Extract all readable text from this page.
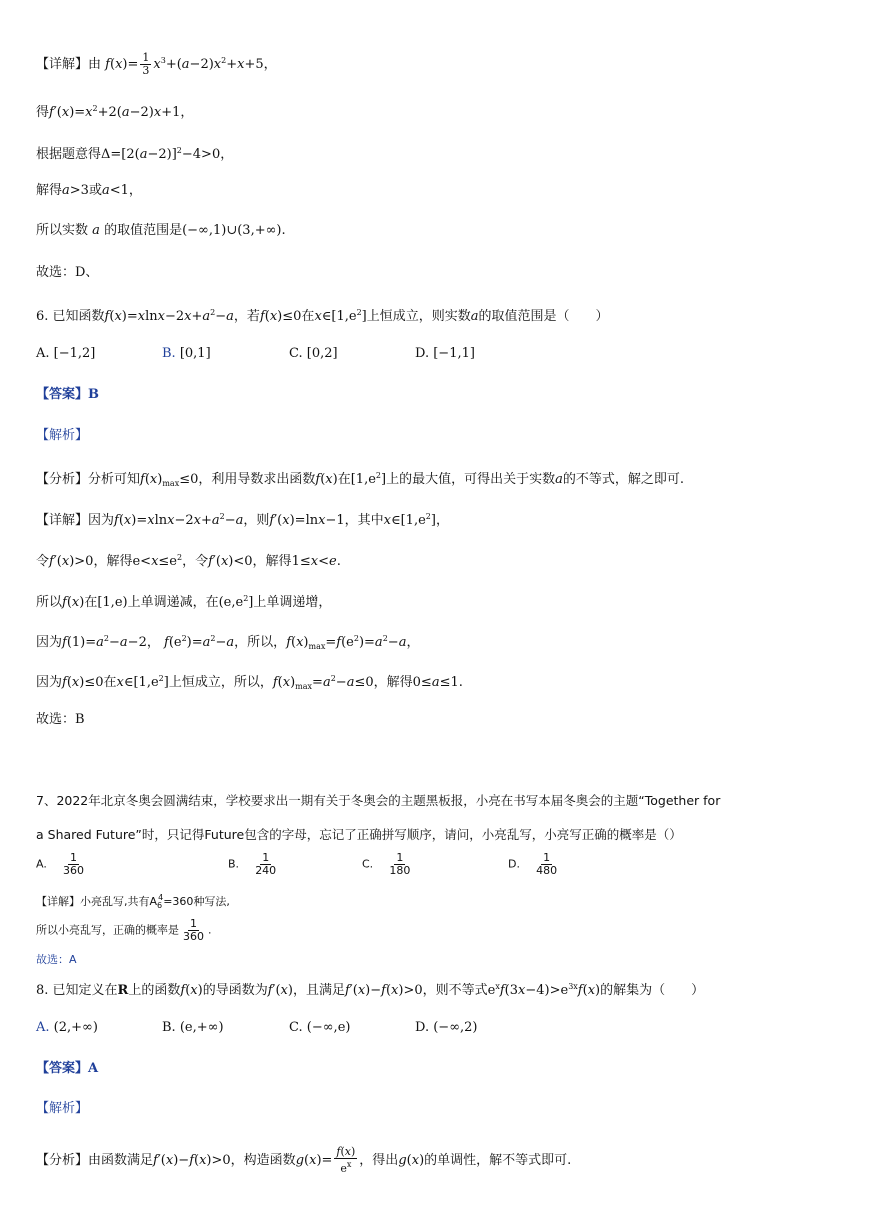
【详解】由 $f(x)= \frac{1}{3} x^3+(a-2)x^2+x+5$，
得$f'(x)=x^2+2(a-2)x+1$，
根据题意得$\Delta=[2(a-2)]^2-4>0$，
解得a>3或a<1，
所以实数 a 的取值范围是(−∞,1)∪(3,+∞).
故选：D、
6. 已知函数$f(x)=xlnx-2x+a^2-a$，若f(x)≤0在$x\in[1,e^2]$上恒成立，则实数a的取值范围是（　　）
A. [−1,2]	B. [0,1]	C. [0,2]	D. [−1,1]
【答案】B
【解析】
【分析】分析可知$f(x)_{max}\le 0$，利用导数求出函数f(x)在$[1,e^2]$上的最大值，可得出关于实数a的不等式，解之即可.
【详解】因为$f(x)=xlnx-2x+a^2-a$，则f′(x)=lnx−1，其中$x\in[1,e^2]$，
令f′(x)>0，解得$e<x\le e^2$，令f′(x)<0，解得1≤x<e.
所以f(x)在[1,e)上单调递减，在$(e,e^2]$上单调递增，
因为$f(1)=a^2-a-2$， $f(e^2)=a^2-a$，所以，$f(x)_{max}=f(e^2)=a^2-a$，
因为f(x)≤0在$x\in[1,e^2]$上恒成立，所以，$f(x)_{max}=a^2-a\le 0$，解得0≤a≤1.
故选：B
7、2022年北京冬奥会圆满结束，学校要求出一期有关于冬奥会的主题黑板报，小亮在书写本届冬奥会的主题“Together for
a Shared Future”时，只记得Future包含的字母，忘记了正确拼写顺序，请问，小亮乱写，小亮写正确的概率是（）
A. $\frac{1}{360}$	B. $\frac{1}{240}$	C. $\frac{1}{180}$	D. $\frac{1}{480}$
【详解】小亮乱写,共有$A_6^4=360$种写法,
所以小亮乱写，正确的概率是 $\frac{1}{360}$ .
故选：A
8. 已知定义在R上的函数f(x)的导函数为f′(x)，且满足f′(x)−f(x)>0，则不等式$e^xf(3x-4)>e^{3x}f(x)$的解集为（　　）
A. (2,+∞)	B. (e,+∞)	C. (−∞,e)	D. (−∞,2)
【答案】A
【解析】
【分析】由函数满足f′(x)−f(x)>0，构造函数$g(x)= \frac{f(x)}{e^x}$ ，得出g(x)的单调性，解不等式即可.
